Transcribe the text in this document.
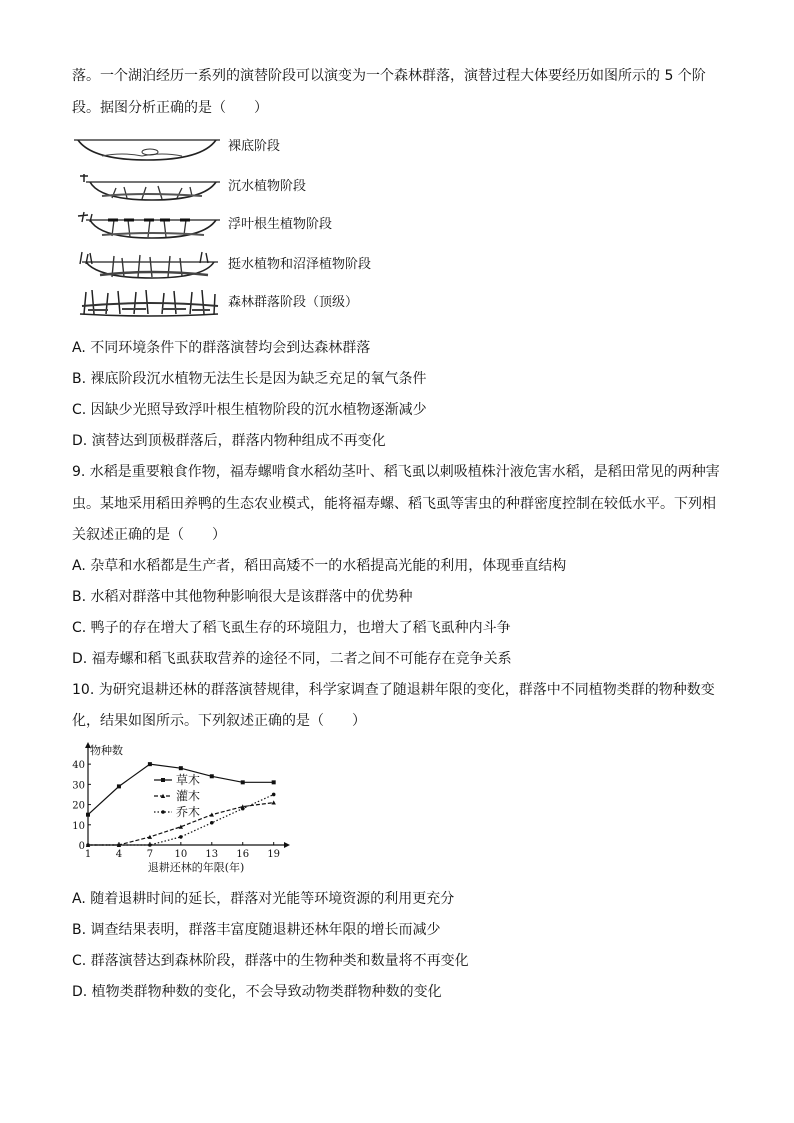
落。一个湖泊经历一系列的演替阶段可以演变为一个森林群落，演替过程大体要经历如图所示的 5 个阶
段。据图分析正确的是（　　）
裸底阶段
沉水植物阶段
浮叶根生植物阶段
挺水植物和沼泽植物阶段
森林群落阶段（顶级）
A. 不同环境条件下的群落演替均会到达森林群落
B. 裸底阶段沉水植物无法生长是因为缺乏充足的氧气条件
C. 因缺少光照导致浮叶根生植物阶段的沉水植物逐渐减少
D. 演替达到顶极群落后，群落内物种组成不再变化
9. 水稻是重要粮食作物，福寿螺啃食水稻幼茎叶、稻飞虱以刺吸植株汁液危害水稻，是稻田常见的两种害
虫。某地采用稻田养鸭的生态农业模式，能将福寿螺、稻飞虱等害虫的种群密度控制在较低水平。下列相
关叙述正确的是（　　）
A. 杂草和水稻都是生产者，稻田高矮不一的水稻提高光能的利用，体现垂直结构
B. 水稻对群落中其他物种影响很大是该群落中的优势种
C. 鸭子的存在增大了稻飞虱生存的环境阻力，也增大了稻飞虱种内斗争
D. 福寿螺和稻飞虱获取营养的途径不同，二者之间不可能存在竞争关系
10. 为研究退耕还林的群落演替规律，科学家调查了随退耕年限的变化，群落中不同植物类群的物种数变
化，结果如图所示。下列叙述正确的是（　　）
物种数
0
10
20
30
40
1 4 7 10 13 16 19
退耕还林的年限(年)
草木
灌木
乔木
A. 随着退耕时间的延长，群落对光能等环境资源的利用更充分
B. 调查结果表明，群落丰富度随退耕还林年限的增长而减少
C. 群落演替达到森林阶段，群落中的生物种类和数量将不再变化
D. 植物类群物种数的变化，不会导致动物类群物种数的变化
